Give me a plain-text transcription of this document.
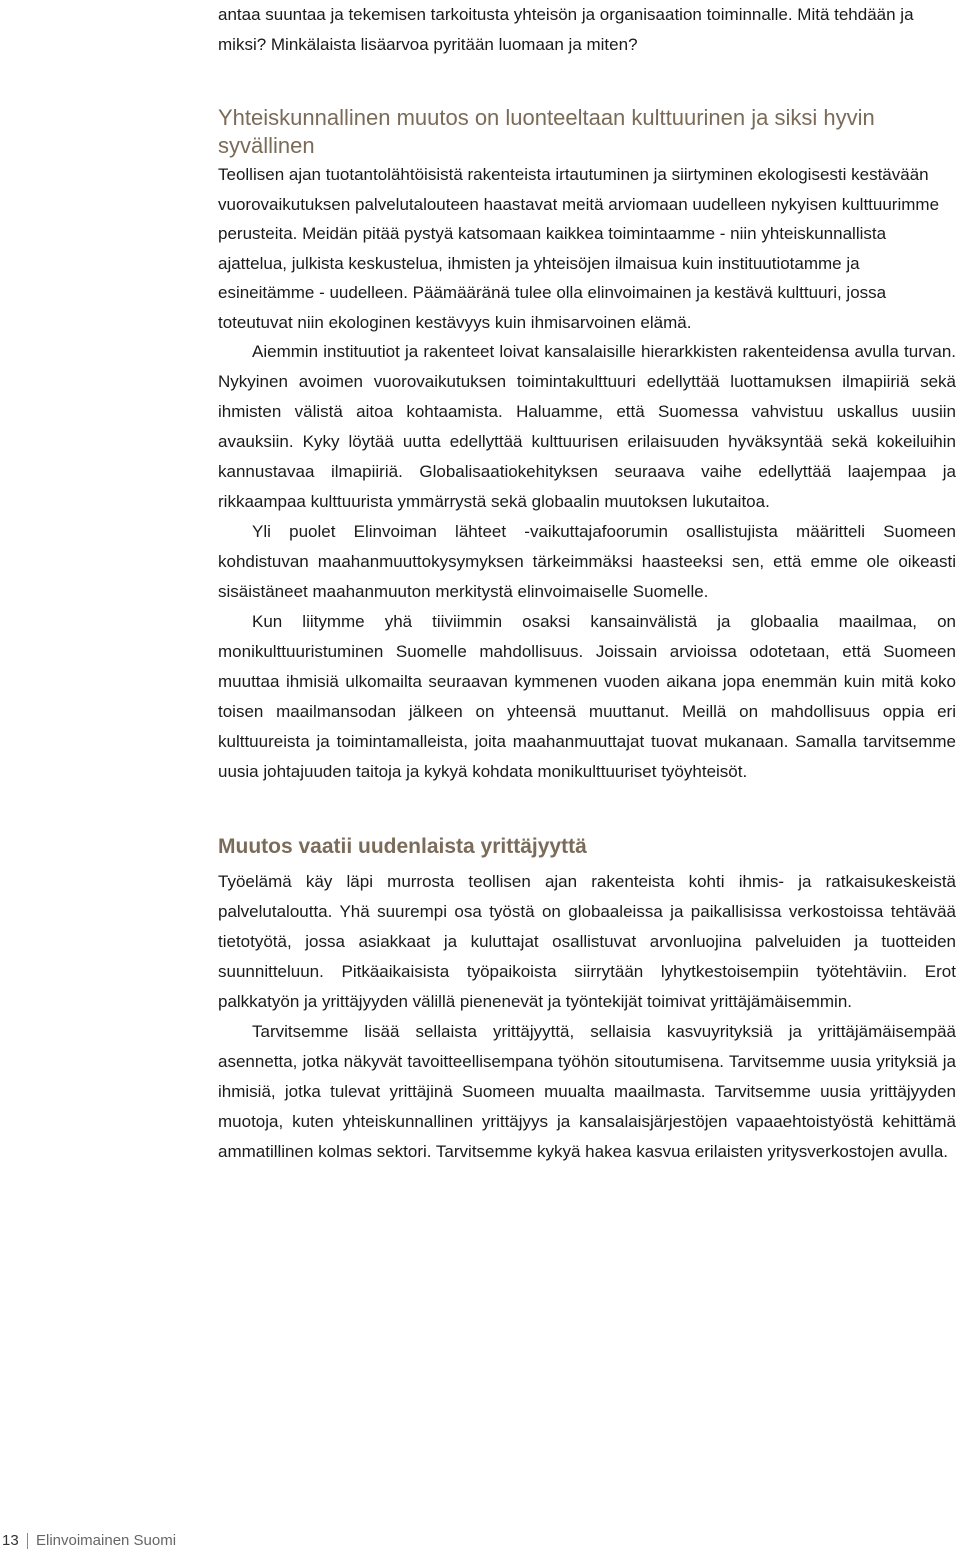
antaa suuntaa ja tekemisen tarkoitusta yhteisön ja organisaation toiminnalle. Mitä tehdään ja miksi? Minkälaista lisäarvoa pyritään luomaan ja miten?

Yhteiskunnallinen muutos on luonteeltaan kulttuurinen ja siksi hyvin syvällinen

Teollisen ajan tuotantolähtöisistä rakenteista irtautuminen ja siirtyminen ekologisesti kestävään vuorovaikutuksen palvelutalouteen haastavat meitä arviomaan uudelleen nykyisen kulttuurimme perusteita. Meidän pitää pystyä katsomaan kaikkea toimintaamme - niin yhteiskunnallista ajattelua, julkista keskustelua, ihmisten ja yhteisöjen ilmaisua kuin instituutiotamme ja esineitämme - uudelleen. Päämääränä tulee olla elinvoimainen ja kestävä kulttuuri, jossa toteutuvat niin ekologinen kestävyys kuin ihmisarvoinen elämä.

Aiemmin instituutiot ja rakenteet loivat kansalaisille hierarkkisten rakenteidensa avulla turvan. Nykyinen avoimen vuorovaikutuksen toimintakulttuuri edellyttää luottamuksen ilmapiiriä sekä ihmisten välistä aitoa kohtaamista. Haluamme, että Suomessa vahvistuu uskallus uusiin avauksiin. Kyky löytää uutta edellyttää kulttuurisen erilaisuuden hyväksyntää sekä kokeiluihin kannustavaa ilmapiiriä. Globalisaatiokehityksen seuraava vaihe edellyttää laajempaa ja rikkaampaa kulttuurista ymmärrystä sekä globaalin muutoksen lukutaitoa.

Yli puolet Elinvoiman lähteet -vaikuttajafoorumin osallistujista määritteli Suomeen kohdistuvan maahanmuuttokysymyksen tärkeimmäksi haasteeksi sen, että emme ole oikeasti sisäistäneet maahanmuuton merkitystä elinvoimaiselle Suomelle.

Kun liitymme yhä tiiviimmin osaksi kansainvälistä ja globaalia maailmaa, on monikulttuuristuminen Suomelle mahdollisuus. Joissain arvioissa odotetaan, että Suomeen muuttaa ihmisiä ulkomailta seuraavan kymmenen vuoden aikana jopa enemmän kuin mitä koko toisen maailmansodan jälkeen on yhteensä muuttanut. Meillä on mahdollisuus oppia eri kulttuureista ja toimintamalleista, joita maahanmuuttajat tuovat mukanaan. Samalla tarvitsemme uusia johtajuuden taitoja ja kykyä kohdata monikulttuuriset työyhteisöt.

Muutos vaatii uudenlaista yrittäjyyttä

Työelämä käy läpi murrosta teollisen ajan rakenteista kohti ihmis- ja ratkaisukeskeistä palvelutaloutta. Yhä suurempi osa työstä on globaaleissa ja paikallisissa verkostoissa tehtävää tietotyötä, jossa asiakkaat ja kuluttajat osallistuvat arvonluojina palveluiden ja tuotteiden suunnitteluun. Pitkäaikaisista työpaikoista siirrytään lyhytkestoisempiin työtehtäviin. Erot palkkatyön ja yrittäjyyden välillä pienenevät ja työntekijät toimivat yrittäjämäisemmin.

Tarvitsemme lisää sellaista yrittäjyyttä, sellaisia kasvuyrityksiä ja yrittäjämäisempää asennetta, jotka näkyvät tavoitteellisempana työhön sitoutumisena. Tarvitsemme uusia yrityksiä ja ihmisiä, jotka tulevat yrittäjinä Suomeen muualta maailmasta. Tarvitsemme uusia yrittäjyyden muotoja, kuten yhteiskunnallinen yrittäjyys ja kansalaisjärjestöjen vapaaehtoistyöstä kehittämä ammatillinen kolmas sektori. Tarvitsemme kykyä hakea kasvua erilaisten yritysverkostojen avulla.

13	Elinvoimainen Suomi
